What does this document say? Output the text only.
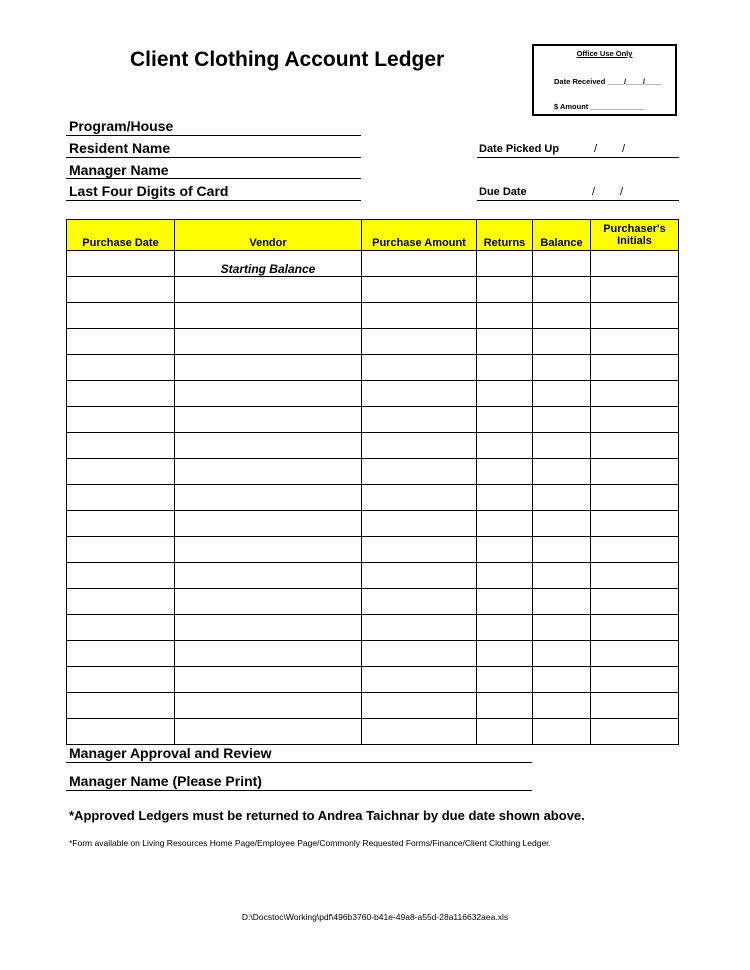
Client Clothing Account Ledger	Office Use Only
Date Received ____/____/____
$ Amount _____________
Program/House
Resident Name
Manager Name
Last Four Digits of Card
Date Picked Up	/ /
Due Date	/ /
Purchase Date	Vendor	Purchase Amount	Returns	Balance	Purchaser's Initials
	Starting Balance				

Manager Approval and Review
Manager Name (Please Print)
*Approved Ledgers must be returned to Andrea Taichnar by due date shown above.
*Form available on Living Resources Home Page/Employee Page/Commonly Requested Forms/Finance/Client Clothing Ledger.
D:\Docstoc\Working\pdf\496b3760-b41e-49a8-a55d-28a116632aea.xls
